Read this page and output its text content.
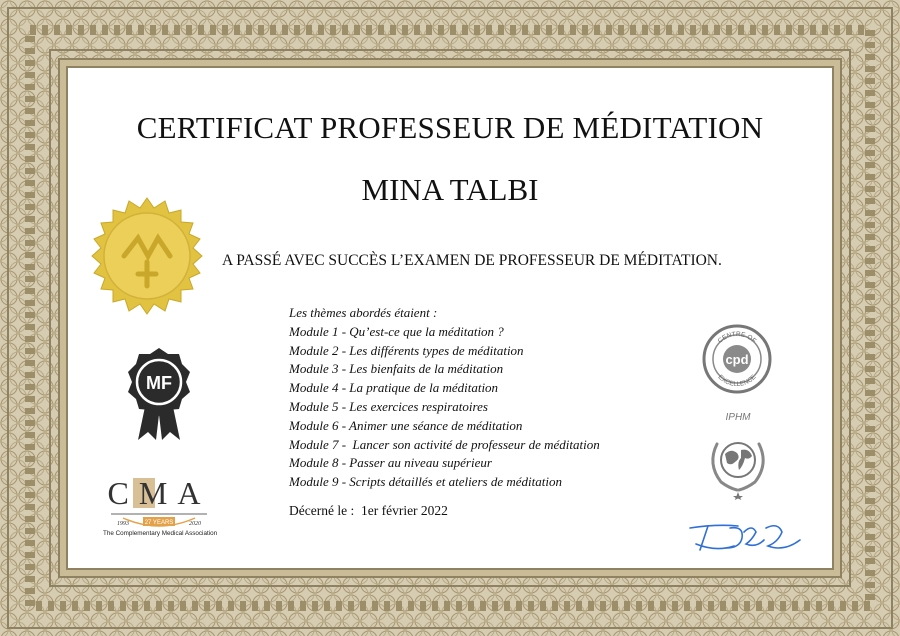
CERTIFICAT PROFESSEUR DE MÉDITATION
MINA TALBI
A PASSÉ AVEC SUCCÈS L’EXAMEN DE PROFESSEUR DE MÉDITATION.
Les thèmes abordés étaient :
Module 1 - Qu’est-ce que la méditation ?
Module 2 - Les différents types de méditation
Module 3 - Les bienfaits de la méditation
Module 4 - La pratique de la méditation
Module 5 - Les exercices respiratoires
Module 6 - Animer une séance de méditation
Module 7 -  Lancer son activité de professeur de méditation
Module 8 - Passer au niveau supérieur
Module 9 - Scripts détaillés et ateliers de méditation
Décerné le : 1er février 2022
MF
CMA
1993	27 YEARS	2020
The Complementary Medical Association
CENTRE OF
EXCELLENCE
cpd
IPHM
